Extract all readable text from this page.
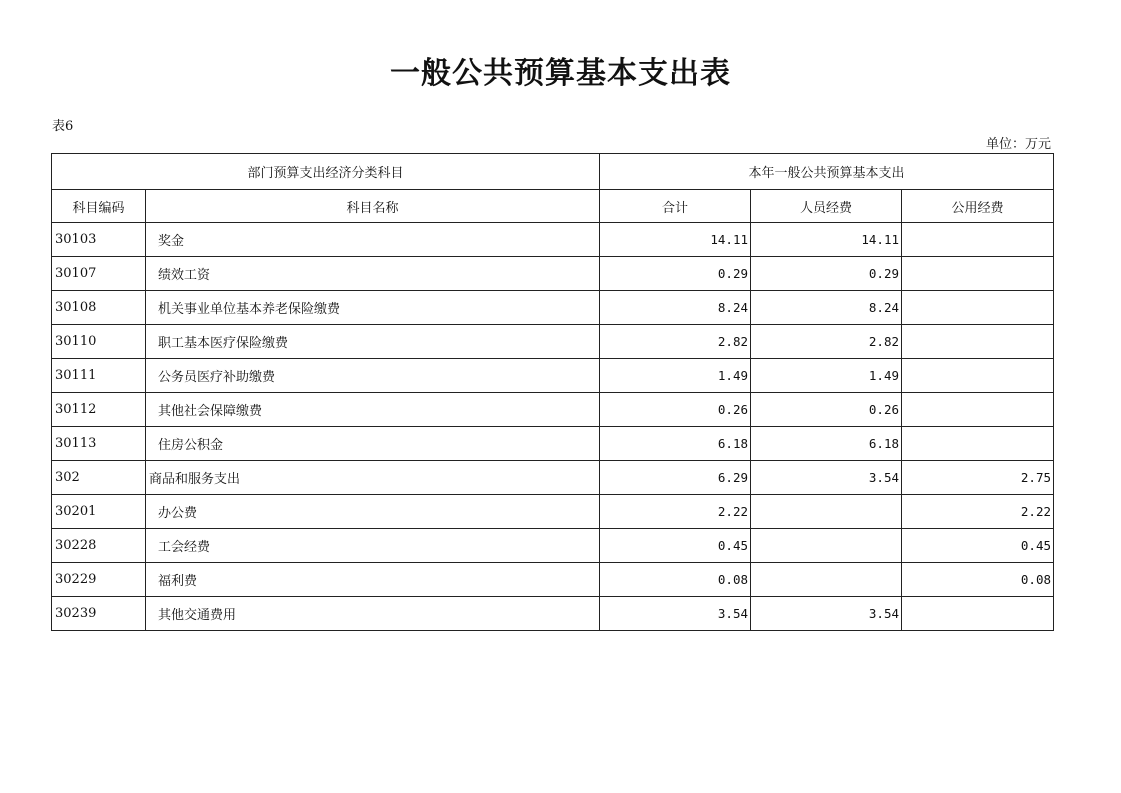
一般公共预算基本支出表
表6
单位：万元
部门预算支出经济分类科目		本年一般公共预算基本支出		
科目编码	科目名称	合计	人员经费	公用经费
30103	奖金	14.11	14.11	
30107	绩效工资	0.29	0.29	
30108	机关事业单位基本养老保险缴费	8.24	8.24	
30110	职工基本医疗保险缴费	2.82	2.82	
30111	公务员医疗补助缴费	1.49	1.49	
30112	其他社会保障缴费	0.26	0.26	
30113	住房公积金	6.18	6.18	
302	商品和服务支出	6.29	3.54	2.75
30201	办公费	2.22		2.22
30228	工会经费	0.45		0.45
30229	福利费	0.08		0.08
30239	其他交通费用	3.54	3.54	
